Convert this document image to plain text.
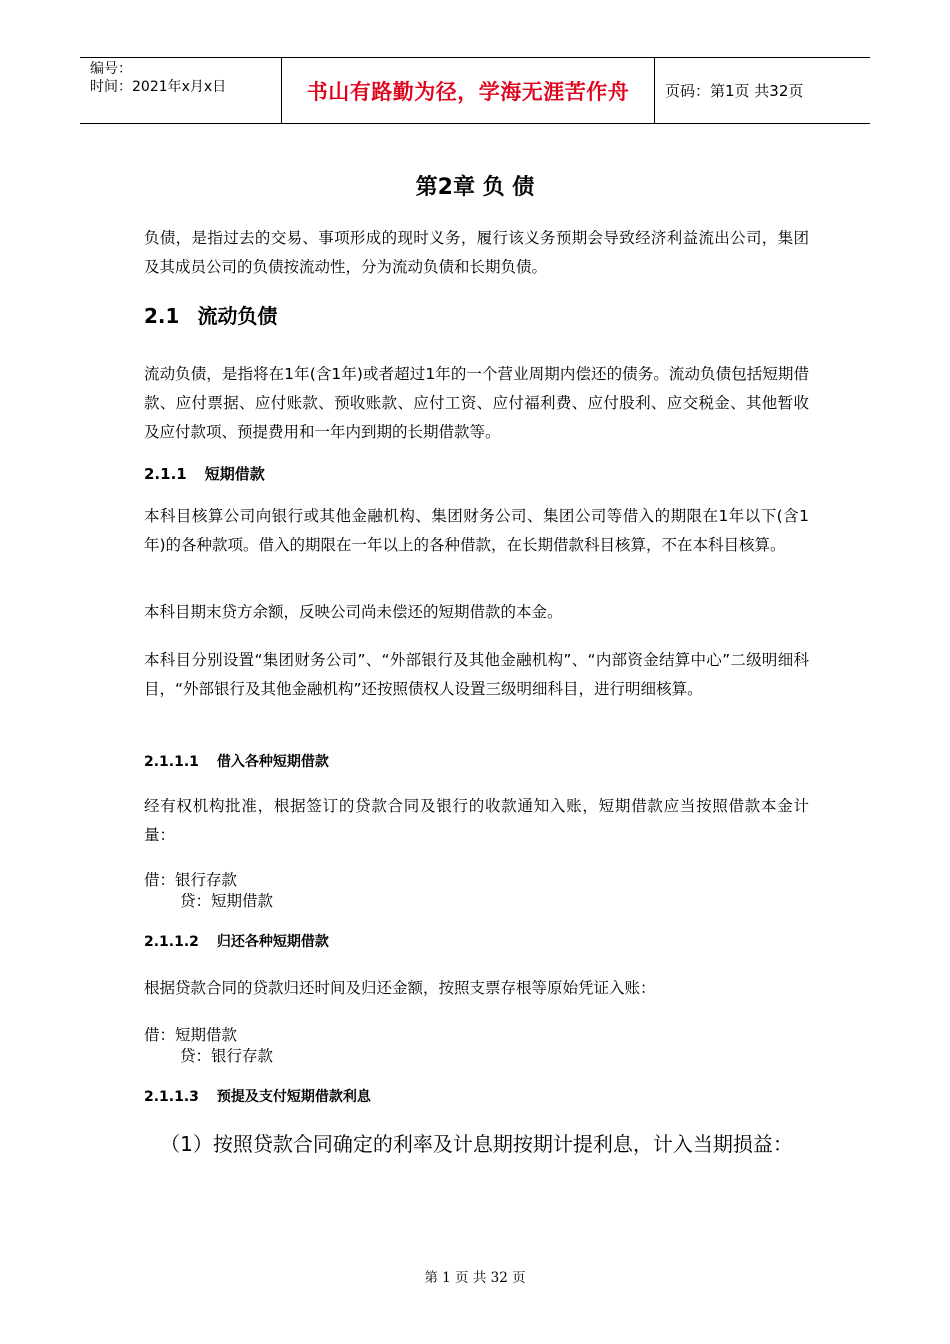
编号：
时间：2021年x月x日	书山有路勤为径，学海无涯苦作舟	页码：第1页 共32页
第2章 负 债
负债，是指过去的交易、事项形成的现时义务，履行该义务预期会导致经济利益流出公司，集团及其成员公司的负债按流动性，分为流动负债和长期负债。
2.1 流动负债
流动负债，是指将在1年(含1年)或者超过1年的一个营业周期内偿还的债务。流动负债包括短期借款、应付票据、应付账款、预收账款、应付工资、应付福利费、应付股利、应交税金、其他暂收及应付款项、预提费用和一年内到期的长期借款等。
2.1.1 短期借款
本科目核算公司向银行或其他金融机构、集团财务公司、集团公司等借入的期限在1年以下(含1年)的各种款项。借入的期限在一年以上的各种借款，在长期借款科目核算，不在本科目核算。
本科目期末贷方余额，反映公司尚未偿还的短期借款的本金。
本科目分别设置“集团财务公司”、“外部银行及其他金融机构”、“内部资金结算中心”二级明细科目，“外部银行及其他金融机构”还按照债权人设置三级明细科目，进行明细核算。
2.1.1.1 借入各种短期借款
经有权机构批准，根据签订的贷款合同及银行的收款通知入账，短期借款应当按照借款本金计量：
借：银行存款
贷：短期借款
2.1.1.2 归还各种短期借款
根据贷款合同的贷款归还时间及归还金额，按照支票存根等原始凭证入账：
借：短期借款
贷：银行存款
2.1.1.3 预提及支付短期借款利息
（1）按照贷款合同确定的利率及计息期按期计提利息，计入当期损益：
第 1 页 共 32 页
